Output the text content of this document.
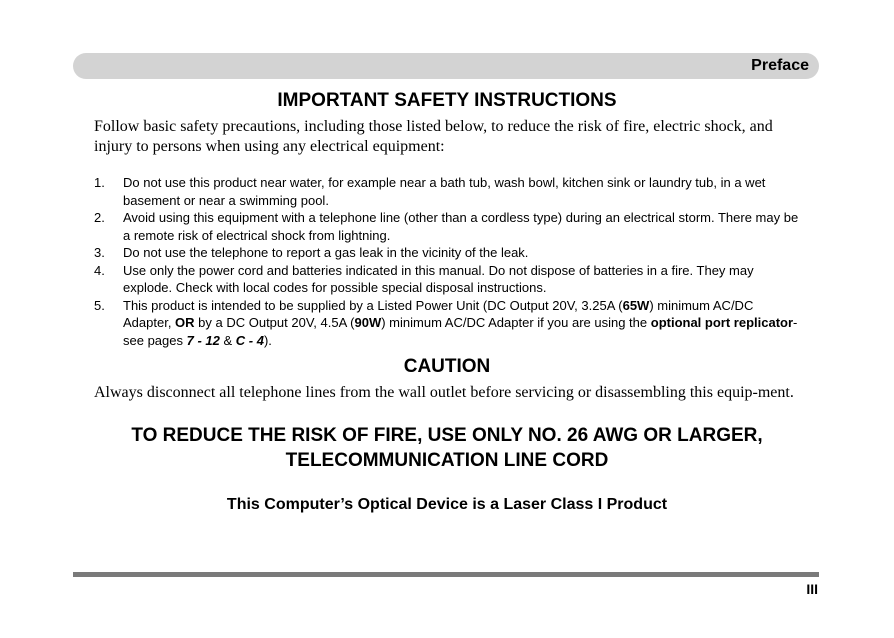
Preface
IMPORTANT SAFETY INSTRUCTIONS

Follow basic safety precautions, including those listed below, to reduce the risk of fire, electric shock, and injury to persons when using any electrical equipment:

1. Do not use this product near water, for example near a bath tub, wash bowl, kitchen sink or laundry tub, in a wet basement or near a swimming pool.
2. Avoid using this equipment with a telephone line (other than a cordless type) during an electrical storm. There may be a remote risk of electrical shock from lightning.
3. Do not use the telephone to report a gas leak in the vicinity of the leak.
4. Use only the power cord and batteries indicated in this manual. Do not dispose of batteries in a fire. They may explode. Check with local codes for possible special disposal instructions.
5. This product is intended to be supplied by a Listed Power Unit (DC Output 20V, 3.25A (65W) minimum AC/DC Adapter, OR by a DC Output 20V, 4.5A (90W) minimum AC/DC Adapter if you are using the optional port replicator- see pages 7 - 12 & C - 4).
CAUTION

Always disconnect all telephone lines from the wall outlet before servicing or disassembling this equip-ment.

TO REDUCE THE RISK OF FIRE, USE ONLY NO. 26 AWG OR LARGER,
TELECOMMUNICATION LINE CORD
This Computer’s Optical Device is a Laser Class I Product
III
